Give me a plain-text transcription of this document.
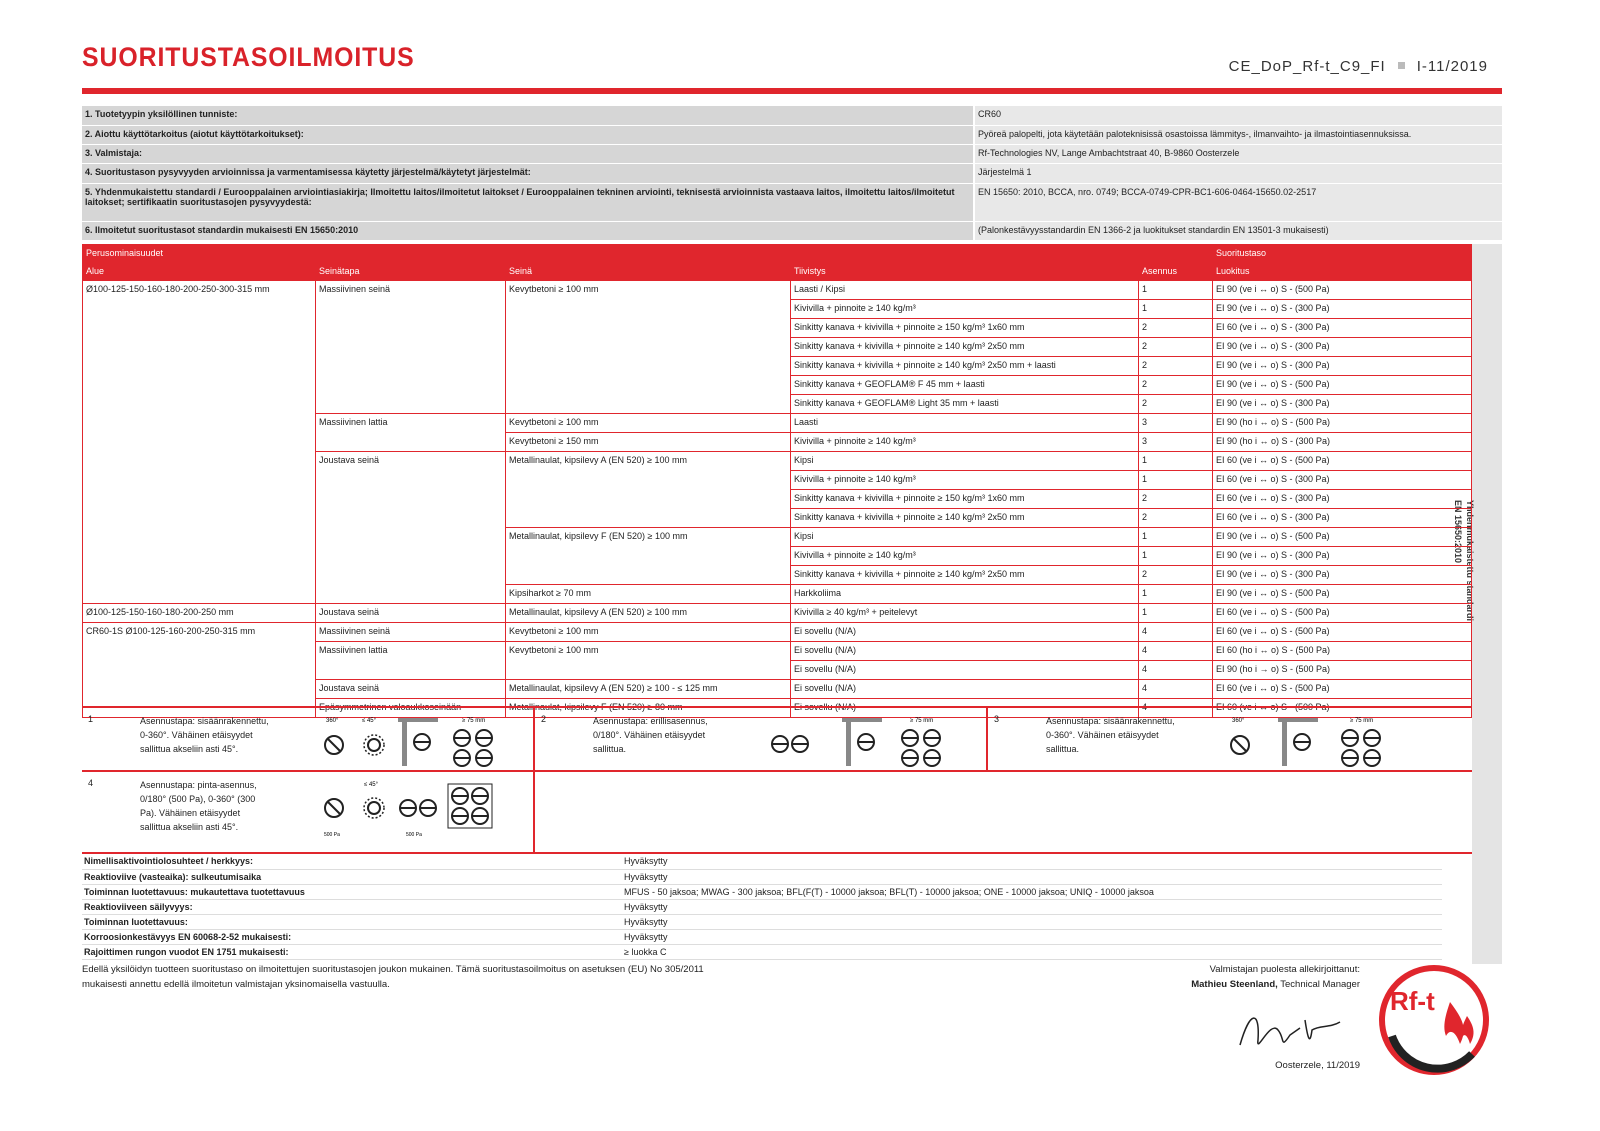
SUORITUSTASOILMOITUS	CE_DoP_Rf-t_C9_FI I-11/2019
1. Tuotetyypin yksilöllinen tunniste:	CR60
2. Aiottu käyttötarkoitus (aiotut käyttötarkoitukset):	Pyöreä palopelti, jota käytetään paloteknisissä osastoissa lämmitys-, ilmanvaihto- ja ilmastointiasennuksissa.
3. Valmistaja:	Rf-Technologies NV, Lange Ambachtstraat 40, B-9860 Oosterzele
4. Suoritustason pysyvyyden arvioinnissa ja varmentamisessa käytetty järjestelmä/käytetyt järjestelmät:	Järjestelmä 1
5. Yhdenmukaistettu standardi / Eurooppalainen arviointiasiakirja; Ilmoitettu laitos/ilmoitetut laitokset / Eurooppalainen tekninen arviointi, teknisestä arvioinnista vastaava laitos, ilmoitettu laitos/ilmoitetut laitokset; sertifikaatin suoritustasojen pysyvyydestä:	EN 15650: 2010, BCCA, nro. 0749; BCCA-0749-CPR-BC1-606-0464-15650.02-2517
6. Ilmoitetut suoritustasot standardin mukaisesti EN 15650:2010	(Palonkestävyysstandardin EN 1366-2 ja luokitukset standardin EN 13501-3 mukaisesti)
Yhdenmukaistettu standardi
EN 15650:2010
Perusominaisuudet					Suoritustaso
Alue	Seinätapa	Seinä	Tiivistys	Asennus	Luokitus
Ø100-125-150-160-180-200-250-300-315 mm	Massiivinen seinä	Kevytbetoni ≥ 100 mm	Laasti / Kipsi	1	EI 90 (ve i ↔ o) S - (500 Pa)
			Kivivilla + pinnoite ≥ 140 kg/m³	1	EI 90 (ve i ↔ o) S - (300 Pa)
			Sinkitty kanava + kivivilla + pinnoite ≥ 150 kg/m³ 1x60 mm	2	EI 60 (ve i ↔ o) S - (300 Pa)
			Sinkitty kanava + kivivilla + pinnoite ≥ 140 kg/m³ 2x50 mm	2	EI 90 (ve i ↔ o) S - (300 Pa)
			Sinkitty kanava + kivivilla + pinnoite ≥ 140 kg/m³ 2x50 mm + laasti	2	EI 90 (ve i ↔ o) S - (300 Pa)
			Sinkitty kanava + GEOFLAM® F 45 mm + laasti	2	EI 90 (ve i ↔ o) S - (500 Pa)
			Sinkitty kanava + GEOFLAM® Light 35 mm + laasti	2	EI 90 (ve i ↔ o) S - (300 Pa)
	Massiivinen lattia	Kevytbetoni ≥ 100 mm	Laasti	3	EI 90 (ho i ↔ o) S - (500 Pa)
		Kevytbetoni ≥ 150 mm	Kivivilla + pinnoite ≥ 140 kg/m³	3	EI 90 (ho i ↔ o) S - (300 Pa)
	Joustava seinä	Metallinaulat, kipsilevy A (EN 520) ≥ 100 mm	Kipsi	1	EI 60 (ve i ↔ o) S - (500 Pa)
			Kivivilla + pinnoite ≥ 140 kg/m³	1	EI 60 (ve i ↔ o) S - (300 Pa)
			Sinkitty kanava + kivivilla + pinnoite ≥ 150 kg/m³ 1x60 mm	2	EI 60 (ve i ↔ o) S - (300 Pa)
			Sinkitty kanava + kivivilla + pinnoite ≥ 140 kg/m³ 2x50 mm	2	EI 60 (ve i ↔ o) S - (300 Pa)
		Metallinaulat, kipsilevy F (EN 520) ≥ 100 mm	Kipsi	1	EI 90 (ve i ↔ o) S - (500 Pa)
			Kivivilla + pinnoite ≥ 140 kg/m³	1	EI 90 (ve i ↔ o) S - (300 Pa)
			Sinkitty kanava + kivivilla + pinnoite ≥ 140 kg/m³ 2x50 mm	2	EI 90 (ve i ↔ o) S - (300 Pa)
		Kipsiharkot ≥ 70 mm	Harkkoliima	1	EI 90 (ve i ↔ o) S - (500 Pa)
Ø100-125-150-160-180-200-250 mm	Joustava seinä	Metallinaulat, kipsilevy A (EN 520) ≥ 100 mm	Kivivilla ≥ 40 kg/m³ + peitelevyt	1	EI 60 (ve i ↔ o) S - (500 Pa)
CR60-1S Ø100-125-160-200-250-315 mm	Massiivinen seinä	Kevytbetoni ≥ 100 mm	Ei sovellu (N/A)	4	EI 60 (ve i ↔ o) S - (500 Pa)
	Massiivinen lattia	Kevytbetoni ≥ 100 mm	Ei sovellu (N/A)	4	EI 60 (ho i ↔ o) S - (500 Pa)
			Ei sovellu (N/A)	4	EI 90 (ho i → o) S - (500 Pa)
	Joustava seinä	Metallinaulat, kipsilevy A (EN 520) ≥ 100 - ≤ 125 mm	Ei sovellu (N/A)	4	EI 60 (ve i ↔ o) S - (500 Pa)
	Epäsymmetrinen valoaukkoseinään	Metallinaulat, kipsilevy F (EN 520) ≥ 80 mm	Ei sovellu (N/A)	4	EI 60 (ve i ↔ o) S - (500 Pa)
1	Asennustapa: sisäänrakennettu, 0-360°. Vähäinen etäisyydet sallittua akseliin asti 45°.
360°	≤ 45°	≥ 75 mm	2	Asennustapa: erillisasennus, 0/180°. Vähäinen etäisyydet sallittua.
≥ 75 mm	3	Asennustapa: sisäänrakennettu, 0-360°. Vähäinen etäisyydet sallittua.
360°	≥ 75 mm
4	Asennustapa: pinta-asennus, 0/180° (500 Pa), 0-360° (300 Pa). Vähäinen etäisyydet sallittua akseliin asti 45°.
500 Pa
≤ 45°
500 Pa
Nimellisaktivointiolosuhteet / herkkyys:	Hyväksytty
Reaktioviive (vasteaika): sulkeutumisaika	Hyväksytty
Toiminnan luotettavuus: mukautettava tuotettavuus	MFUS - 50 jaksoa; MWAG - 300 jaksoa; BFL(F(T) - 10000 jaksoa; BFL(T) - 10000 jaksoa; ONE - 10000 jaksoa; UNIQ - 10000 jaksoa
Reaktioviiveen säilyvyys:	Hyväksytty
Toiminnan luotettavuus:	Hyväksytty
Korroosionkestävyys EN 60068-2-52 mukaisesti:	Hyväksytty
Rajoittimen rungon vuodot EN 1751 mukaisesti:	≥ luokka C
Edellä yksilöidyn tuotteen suoritustaso on ilmoitettujen suoritustasojen joukon mukainen. Tämä suoritustasoilmoitus on asetuksen (EU) No 305/2011 mukaisesti annettu edellä ilmoitetun valmistajan yksinomaisella vastuulla.
Valmistajan puolesta allekirjoittanut:
Mathieu Steenland, Technical Manager
Oosterzele, 11/2019
Rf-t
